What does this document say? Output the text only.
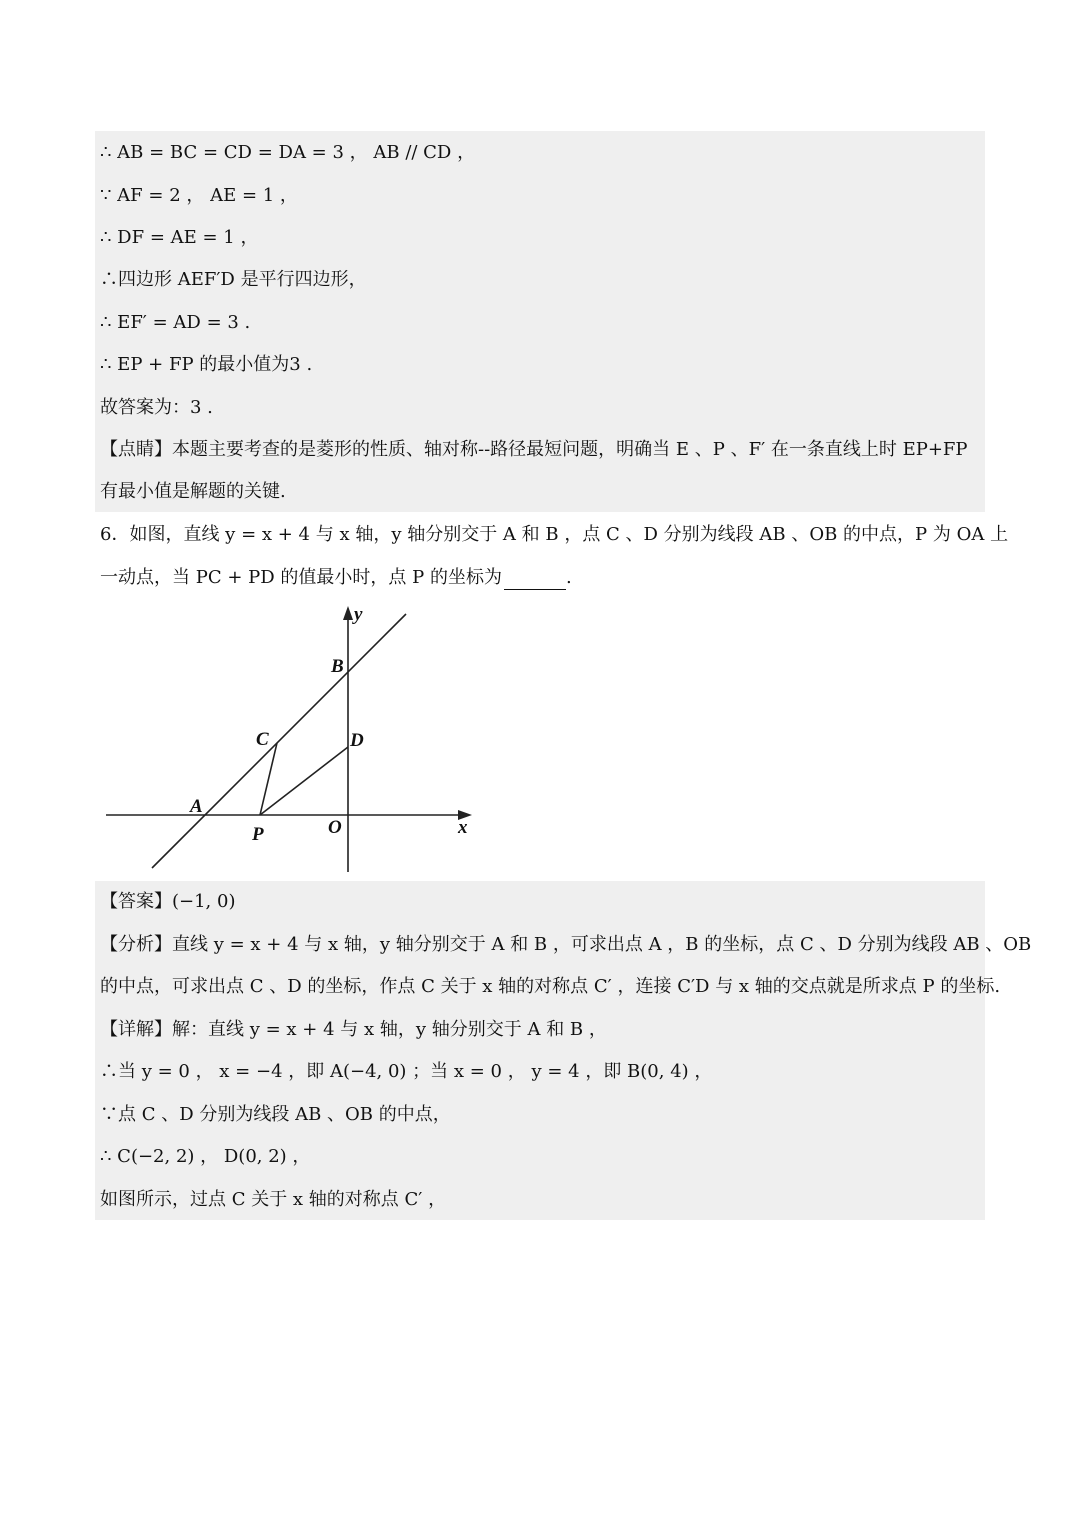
∴ AB = BC = CD = DA = 3 ， AB // CD ，
∵ AF = 2 ， AE = 1 ，
∴ DF = AE = 1 ，
∴四边形 AEF′D 是平行四边形，
∴ EF′ = AD = 3 .
∴ EP + FP 的最小值为3 .
故答案为：3 .
【点睛】本题主要考查的是菱形的性质、轴对称--路径最短问题，明确当 E 、P 、F′ 在一条直线上时 EP+FP
有最小值是解题的关键.
6．如图，直线 y = x + 4 与 x 轴，y 轴分别交于 A 和 B ，点 C 、D 分别为线段 AB 、OB 的中点，P 为 OA 上
一动点，当 PC + PD 的值最小时，点 P 的坐标为	.
y
x
B
C	D
A
P	O
【答案】(−1, 0)
【分析】直线 y = x + 4 与 x 轴，y 轴分别交于 A 和 B ，可求出点 A ，B 的坐标，点 C 、D 分别为线段 AB 、OB
的中点，可求出点 C 、D 的坐标，作点 C 关于 x 轴的对称点 C′ ，连接 C′D 与 x 轴的交点就是所求点 P 的坐标.
【详解】解：直线 y = x + 4 与 x 轴，y 轴分别交于 A 和 B ，
∴当 y = 0 ， x = −4 ，即 A(−4, 0) ；当 x = 0 ， y = 4 ，即 B(0, 4) ，
∵点 C 、D 分别为线段 AB 、OB 的中点，
∴ C(−2, 2) ， D(0, 2) ，
如图所示，过点 C 关于 x 轴的对称点 C′ ，
